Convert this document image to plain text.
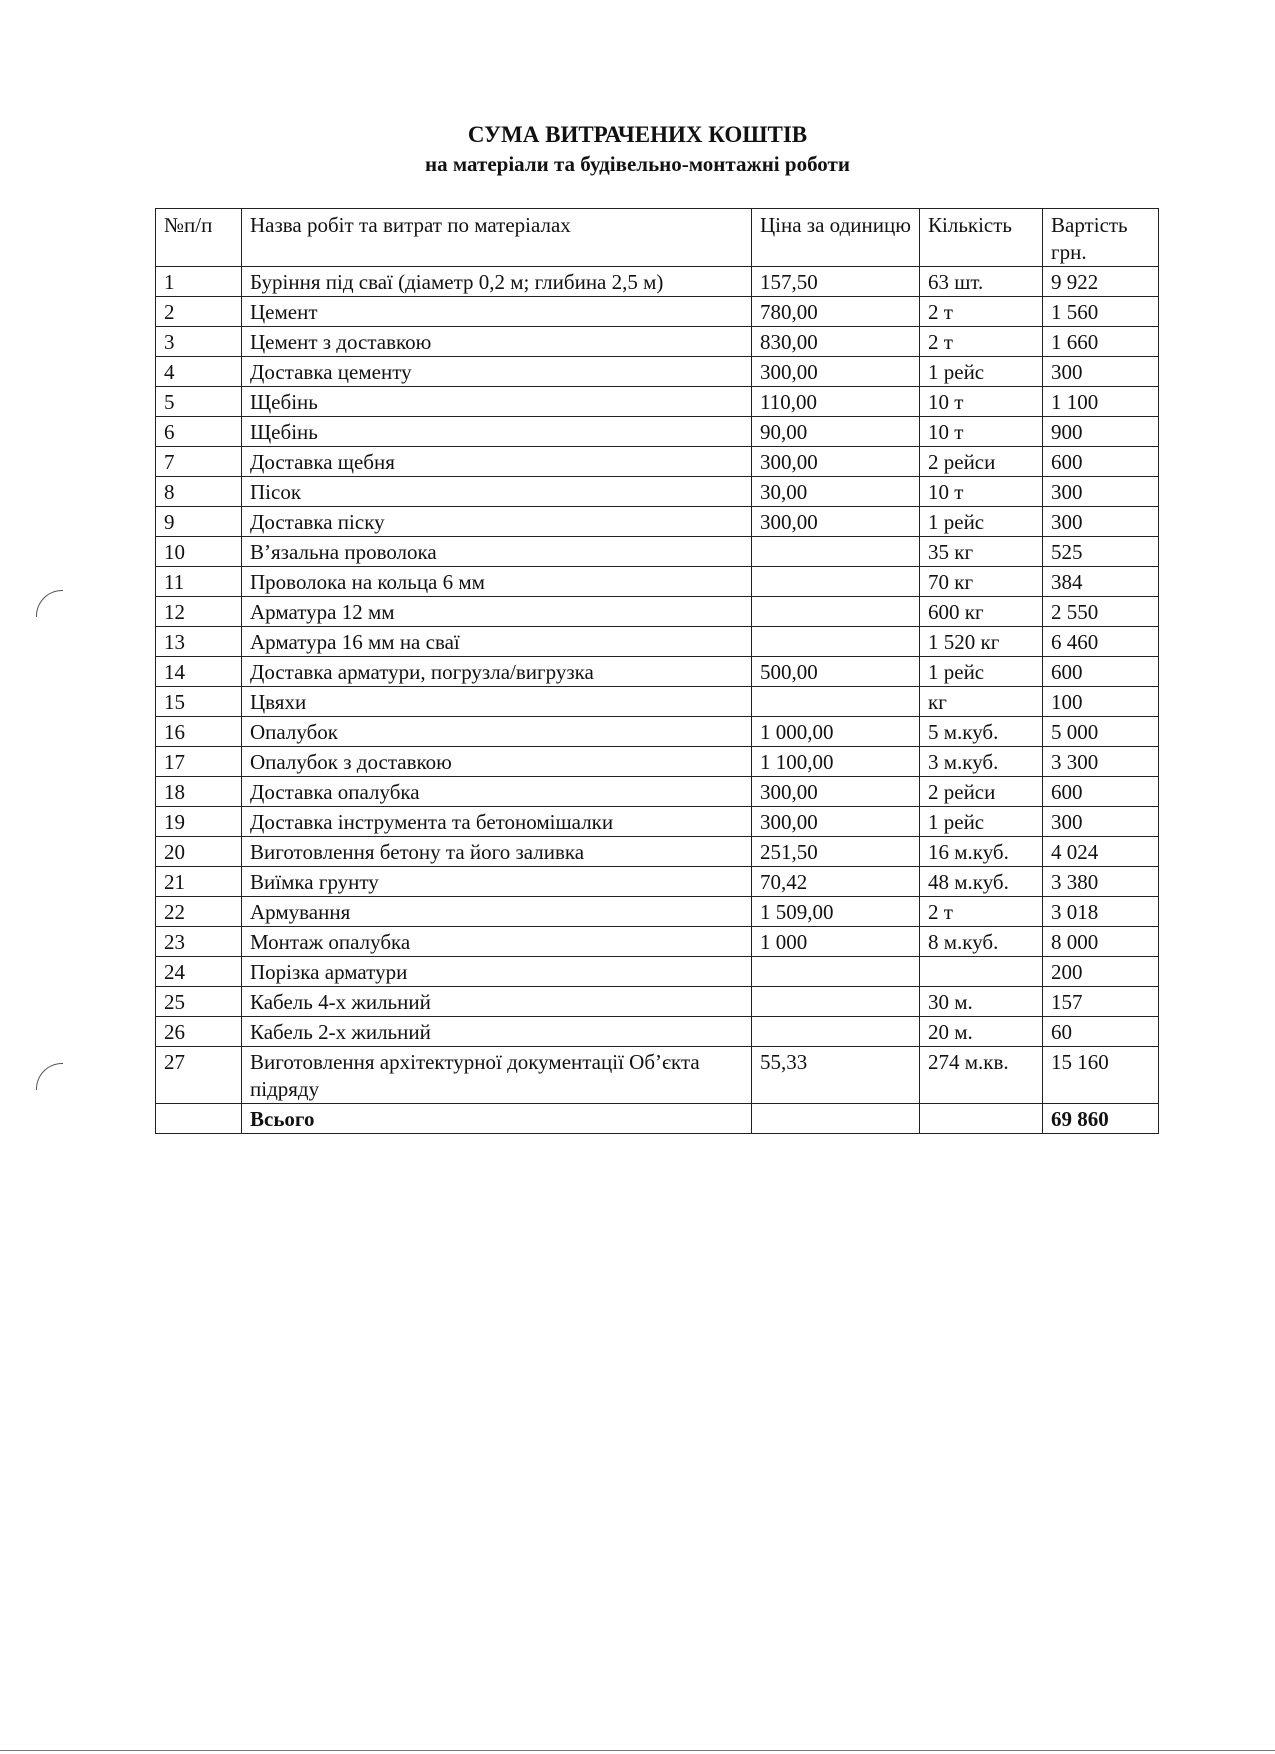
СУМА ВИТРАЧЕНИХ КОШТІВ
на матеріали та будівельно-монтажні роботи
№п/п	Назва робіт та витрат по матеріалах	Ціна за одиницю	Кількість	Вартість грн.
1	Буріння під сваї (діаметр 0,2 м; глибина 2,5 м)	157,50	63 шт.	9 922
2	Цемент	780,00	2 т	1 560
3	Цемент з доставкою	830,00	2 т	1 660
4	Доставка цементу	300,00	1 рейс	300
5	Щебінь	110,00	10 т	1 100
6	Щебінь	90,00	10 т	900
7	Доставка щебня	300,00	2 рейси	600
8	Пісок	30,00	10 т	300
9	Доставка піску	300,00	1 рейс	300
10	В’язальна проволока		35 кг	525
11	Проволока на кольца 6 мм		70 кг	384
12	Арматура 12 мм		600 кг	2 550
13	Арматура 16 мм на сваї		1 520 кг	6 460
14	Доставка арматури, погрузла/вигрузка	500,00	1 рейс	600
15	Цвяхи		кг	100
16	Опалубок	1 000,00	5 м.куб.	5 000
17	Опалубок з доставкою	1 100,00	3 м.куб.	3 300
18	Доставка опалубка	300,00	2 рейси	600
19	Доставка інструмента та бетономішалки	300,00	1 рейс	300
20	Виготовлення бетону та його заливка	251,50	16 м.куб.	4 024
21	Виїмка грунту	70,42	48 м.куб.	3 380
22	Армування	1 509,00	2 т	3 018
23	Монтаж опалубка	1 000	8 м.куб.	8 000
24	Порізка арматури			200
25	Кабель 4-х жильний		30 м.	157
26	Кабель 2-х жильний		20 м.	60
27	Виготовлення архітектурної документації Об’єкта підряду	55,33	274 м.кв.	15 160
	Всього			69 860
